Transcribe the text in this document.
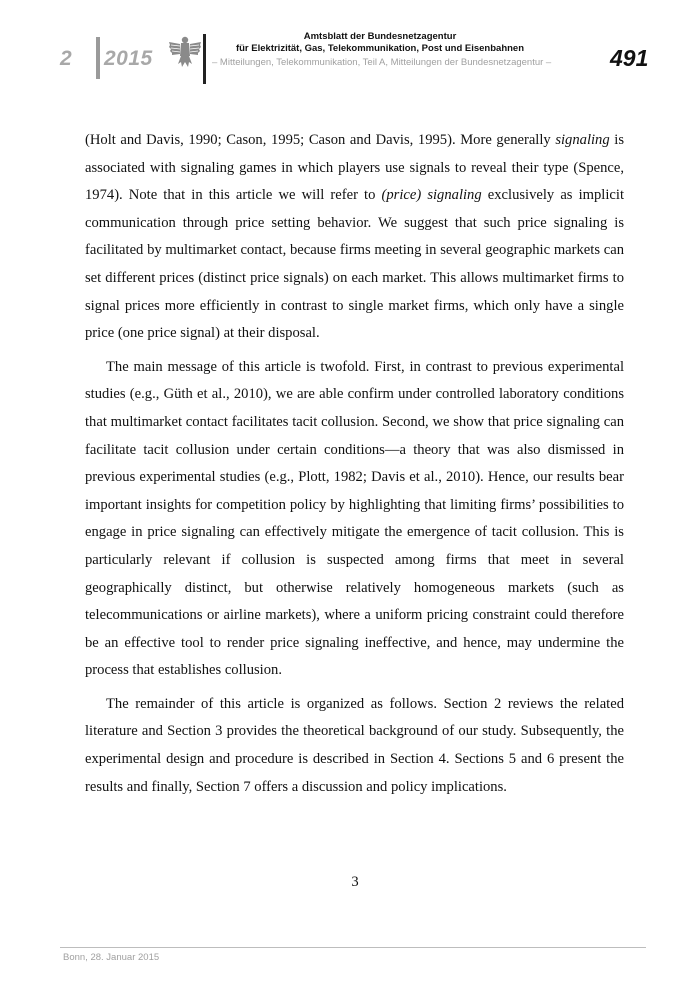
2 2015
Amtsblatt der Bundesnetzagentur
für Elektrizität, Gas, Telekommunikation, Post und Eisenbahnen
– Mitteilungen, Telekommunikation, Teil A, Mitteilungen der Bundesnetzagentur –	491

(Holt and Davis, 1990; Cason, 1995; Cason and Davis, 1995). More generally signaling is associated with signaling games in which players use signals to reveal their type (Spence, 1974). Note that in this article we will refer to (price) signaling exclusively as implicit communication through price setting behavior. We suggest that such price signaling is facilitated by multimarket contact, because firms meeting in several geographic markets can set different prices (distinct price signals) on each market. This allows multimarket firms to signal prices more efficiently in contrast to single market firms, which only have a single price (one price signal) at their disposal.

The main message of this article is twofold. First, in contrast to previous experimental studies (e.g., Güth et al., 2010), we are able confirm under controlled laboratory conditions that multimarket contact facilitates tacit collusion. Second, we show that price signaling can facilitate tacit collusion under certain conditions—a theory that was also dismissed in previous experimental studies (e.g., Plott, 1982; Davis et al., 2010). Hence, our results bear important insights for competition policy by highlighting that limiting firms’ possibilities to engage in price signaling can effectively mitigate the emergence of tacit collusion. This is particularly relevant if collusion is suspected among firms that meet in several geographically distinct, but otherwise relatively homogeneous markets (such as telecommunications or airline markets), where a uniform pricing constraint could therefore be an effective tool to render price signaling ineffective, and hence, may undermine the process that establishes collusion.

The remainder of this article is organized as follows. Section 2 reviews the related literature and Section 3 provides the theoretical background of our study. Subsequently, the experimental design and procedure is described in Section 4. Sections 5 and 6 present the results and finally, Section 7 offers a discussion and policy implications.

3
Bonn, 28. Januar 2015
